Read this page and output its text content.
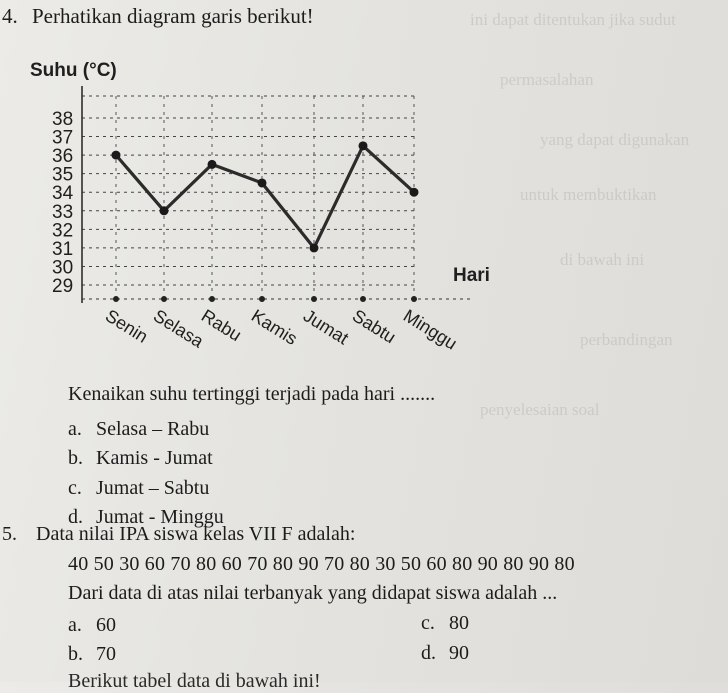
ini dapat ditentukan jika sudut
permasalahan
yang dapat digunakan
untuk membuktikan
di bawah ini
perbandingan
penyelesaian soal
4. Perhatikan diagram garis berikut!
29
30
31
32
33
34
35
36
37
38
Senin
Selasa
Rabu Kamis
Jumat
Sabtu Minggu
Suhu (°C)
Hari
Kenaikan suhu tertinggi terjadi pada hari .......
a. Selasa – Rabu
b. Kamis - Jumat
c. Jumat – Sabtu
d. Jumat - Minggu
5. Data nilai IPA siswa kelas VII F adalah:
40 50 30 60 70 80 60 70 80 90 70 80 30 50 60 80 90 80 90 80
Dari data di atas nilai terbanyak yang didapat siswa adalah ...
a. 60
b. 70
c. 80
d. 90
Berikut tabel data di bawah ini!
